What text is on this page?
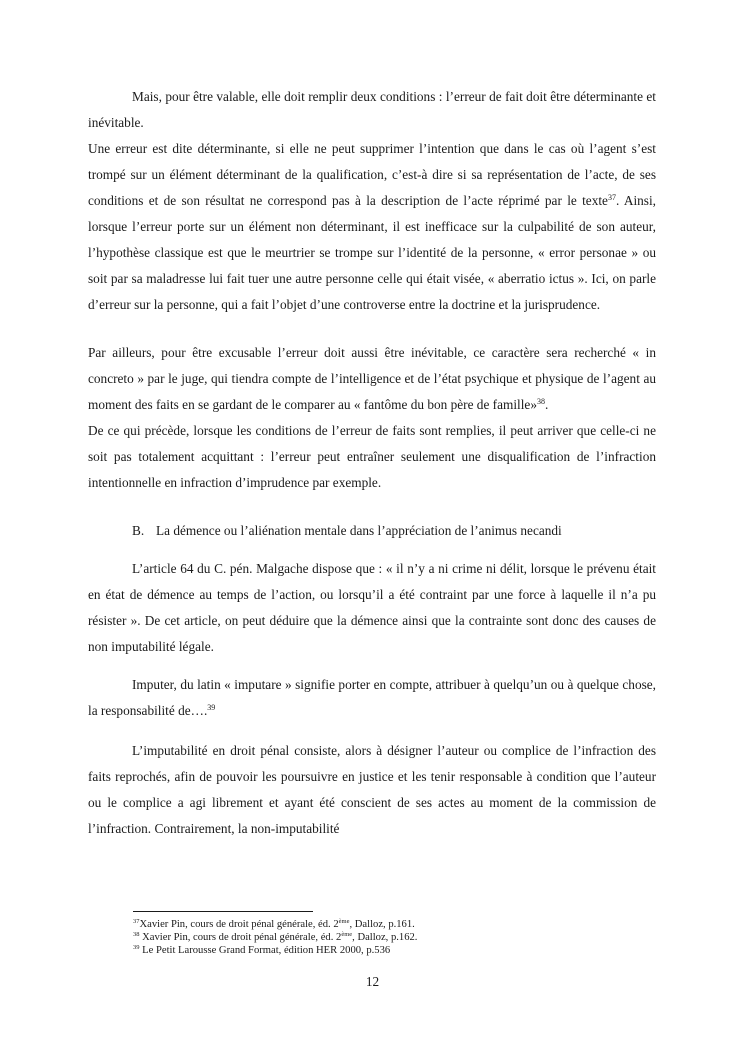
Mais, pour être valable, elle doit remplir deux conditions : l’erreur de fait doit être déterminante et inévitable.

Une erreur est dite déterminante, si elle ne peut supprimer l’intention que dans le cas où l’agent s’est trompé sur un élément déterminant de la qualification, c’est-à dire si sa représentation de l’acte, de ses conditions et de son résultat ne correspond pas à la description de l’acte réprimé par le texte$^{37}$. Ainsi, lorsque l’erreur porte sur un élément non déterminant, il est inefficace sur la culpabilité de son auteur, l’hypothèse classique est que le meurtrier se trompe sur l’identité de la personne, « error personae » ou soit par sa maladresse lui fait tuer une autre personne celle qui était visée, « aberratio ictus ». Ici, on parle d’erreur sur la personne, qui a fait l’objet d’une controverse entre la doctrine et la jurisprudence.

Par ailleurs, pour être excusable l’erreur doit aussi être inévitable, ce caractère sera recherché « in concreto » par le juge, qui tiendra compte de l’intelligence et de l’état psychique et physique de l’agent au moment des faits en se gardant de le comparer au « fantôme du bon père de famille»$^{38}$.

De ce qui précède, lorsque les conditions de l’erreur de faits sont remplies, il peut arriver que celle-ci ne soit pas totalement acquittant : l’erreur peut entraîner seulement une disqualification de l’infraction intentionnelle en infraction d’imprudence par exemple.

B. La démence ou l’aliénation mentale dans l’appréciation de l’animus necandi

L’article 64 du C. pén. Malgache dispose que : « il n’y a ni crime ni délit, lorsque le prévenu était en état de démence au temps de l’action, ou lorsqu’il a été contraint par une force à laquelle il n’a pu résister ». De cet article, on peut déduire que la démence ainsi que la contrainte sont donc des causes de non imputabilité légale.

Imputer, du latin « imputare » signifie porter en compte, attribuer à quelqu’un ou à quelque chose, la responsabilité de….$^{39}$

L’imputabilité en droit pénal consiste, alors à désigner l’auteur ou complice de l’infraction des faits reprochés, afin de pouvoir les poursuivre en justice et les tenir responsable à condition que l’auteur ou le complice a agi librement et ayant été conscient de ses actes au moment de la commission de l’infraction. Contrairement, la non-imputabilité

$^{37}$Xavier Pin, cours de droit pénal générale, éd. 2ème, Dalloz, p.161.
$^{38}$ Xavier Pin, cours de droit pénal générale, éd. 2ème, Dalloz, p.162.
$^{39}$ Le Petit Larousse Grand Format, édition HER 2000, p.536
12
